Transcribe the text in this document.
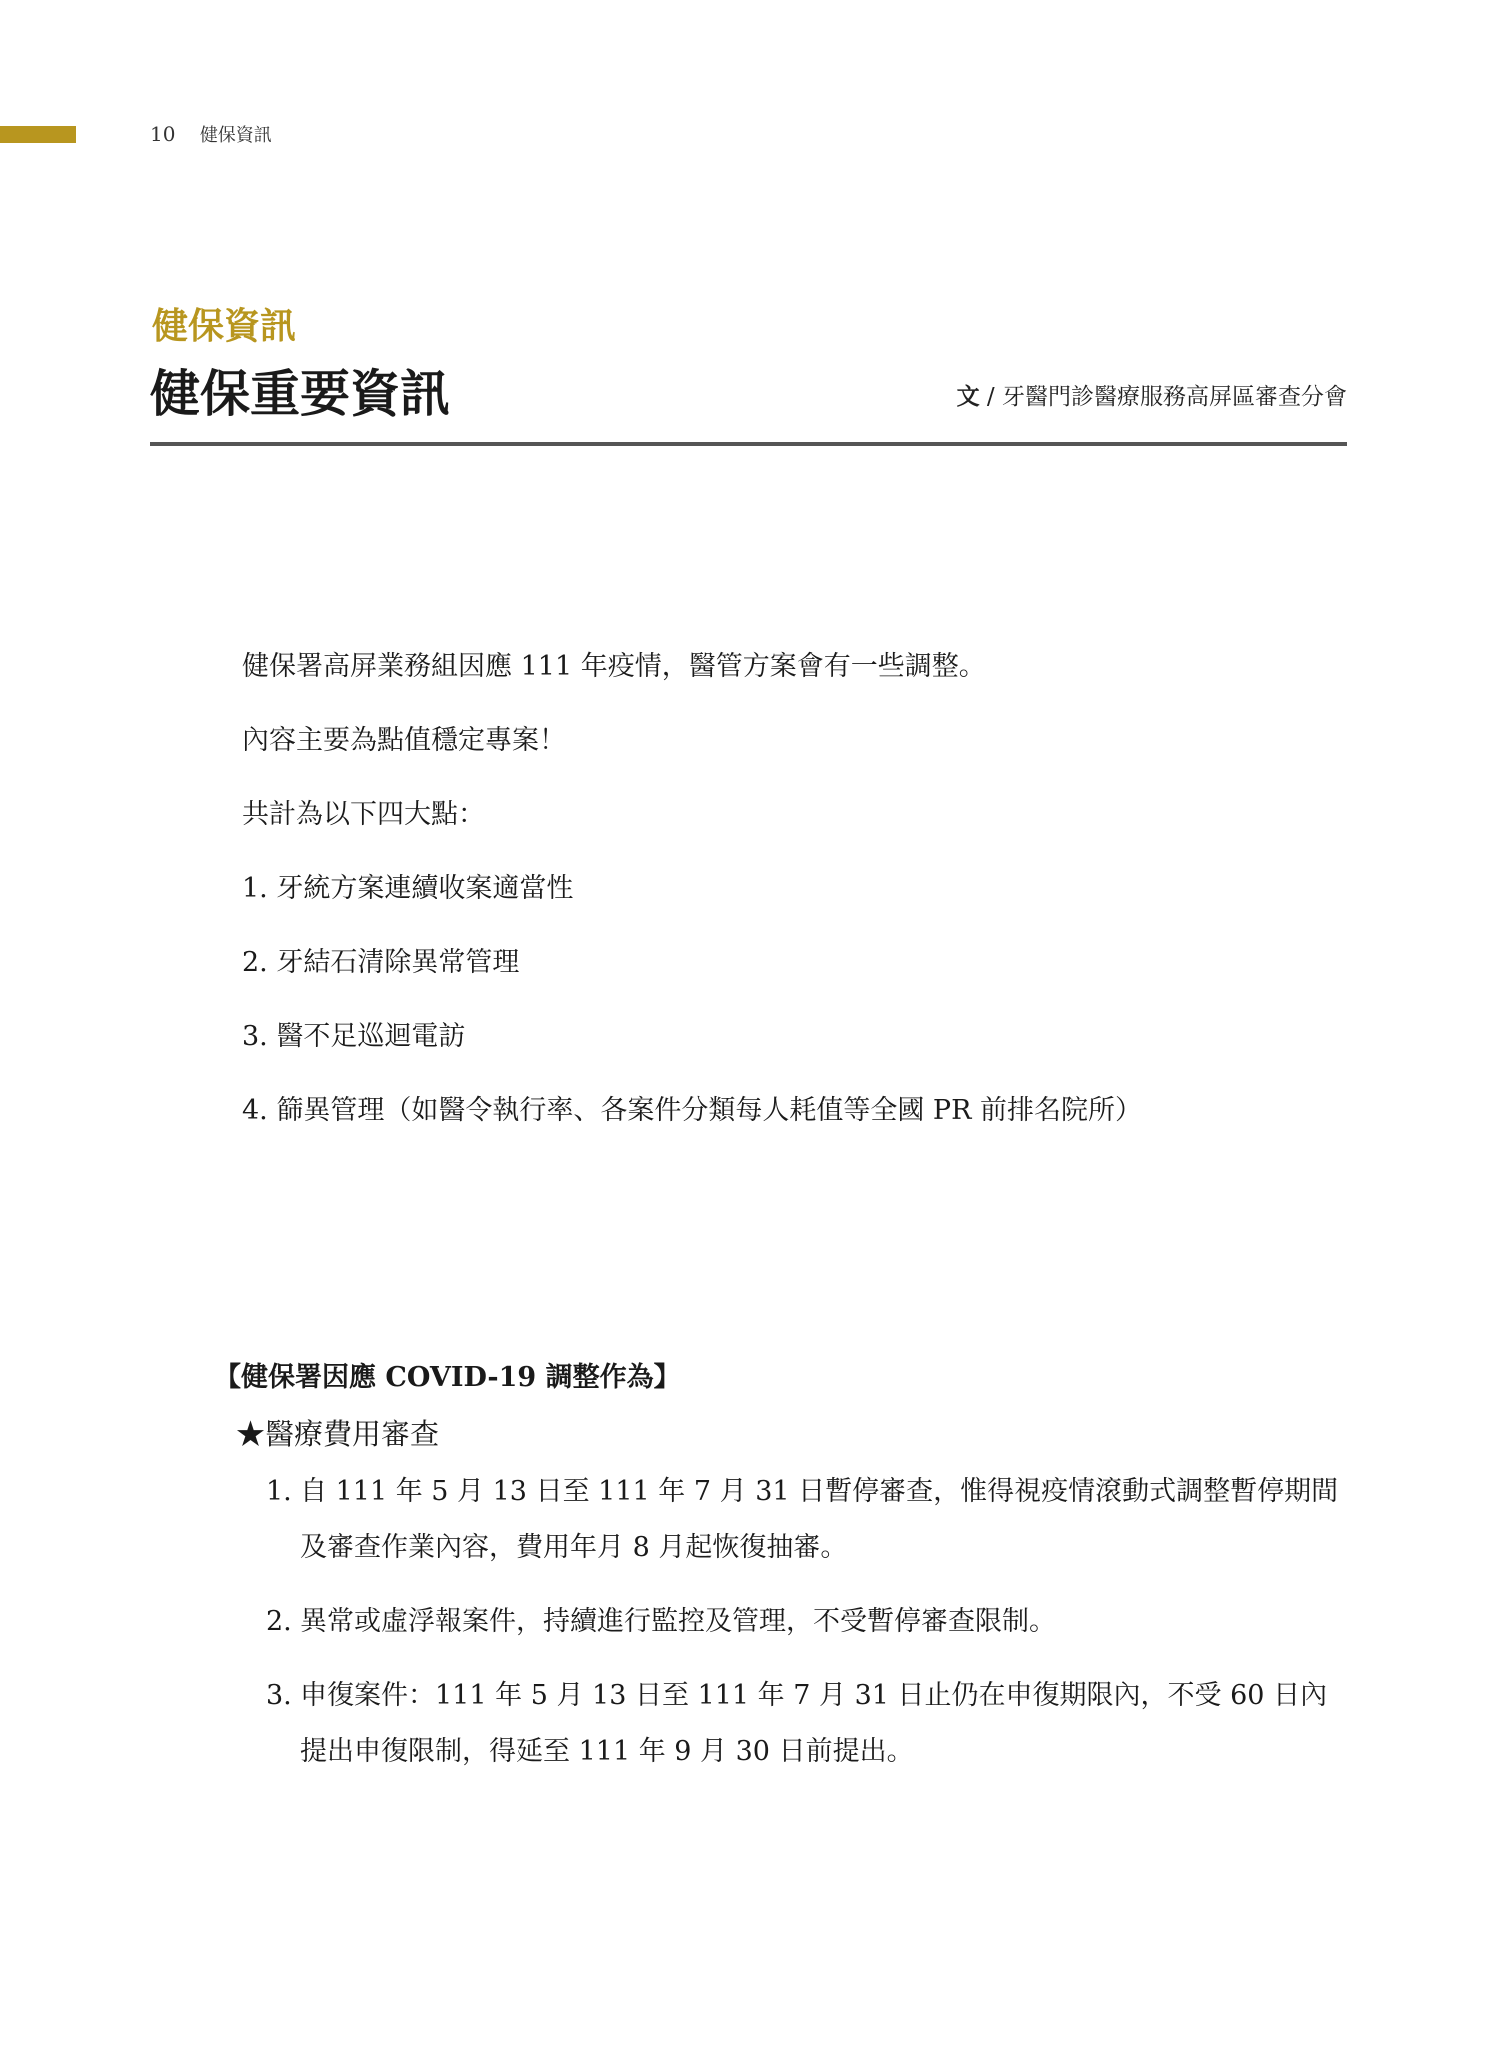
10 健保資訊
健保資訊
健保重要資訊	文 / 牙醫門診醫療服務高屏區審查分會

健保署高屏業務組因應 111 年疫情，醫管方案會有一些調整。

內容主要為點值穩定專案！

共計為以下四大點：

1. 牙統方案連續收案適當性

2. 牙結石清除異常管理

3. 醫不足巡迴電訪

4. 篩異管理（如醫令執行率、各案件分類每人耗值等全國 PR 前排名院所）

【健保署因應 COVID-19 調整作為】
★醫療費用審查
1. 自 111 年 5 月 13 日至 111 年 7 月 31 日暫停審查，惟得視疫情滾動式調整暫停期間及審查作業內容，費用年月 8 月起恢復抽審。
2. 異常或虛浮報案件，持續進行監控及管理，不受暫停審查限制。
3. 申復案件：111 年 5 月 13 日至 111 年 7 月 31 日止仍在申復期限內，不受 60 日內提出申復限制，得延至 111 年 9 月 30 日前提出。
